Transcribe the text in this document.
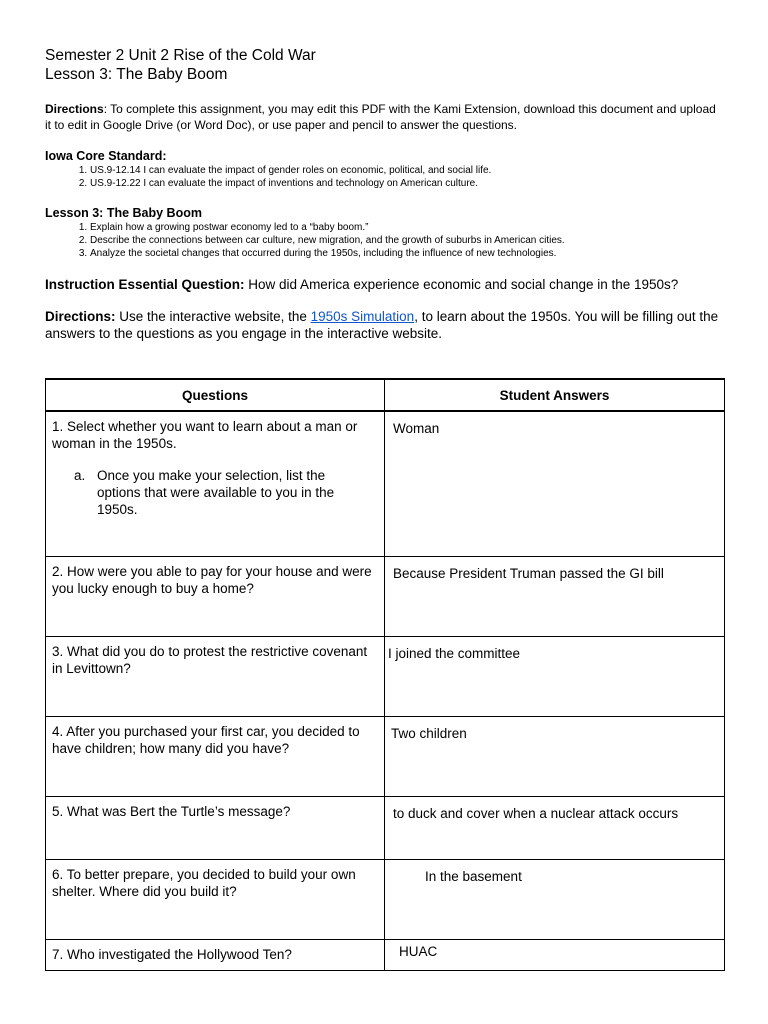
Semester 2 Unit 2 Rise of the Cold War

Lesson 3: The Baby Boom

Directions: To complete this assignment, you may edit this PDF with the Kami Extension, download this document and upload it to edit in Google Drive (or Word Doc), or use paper and pencil to answer the questions.
Iowa Core Standard:
1. US.9-12.14 I can evaluate the impact of gender roles on economic, political, and social life.
2. US.9-12.22 I can evaluate the impact of inventions and technology on American culture.
Lesson 3: The Baby Boom
1. Explain how a growing postwar economy led to a “baby boom.”
2. Describe the connections between car culture, new migration, and the growth of suburbs in American cities.
3. Analyze the societal changes that occurred during the 1950s, including the influence of new technologies.
Instruction Essential Question: How did America experience economic and social change in the 1950s?
Directions: Use the interactive website, the 1950s Simulation, to learn about the 1950s. You will be filling out the answers to the questions as you engage in the interactive website.
Questions	Student Answers

1. Select whether you want to learn about a man or woman in the 1950s.
a. Once you make your selection, list the options that were available to you in the 1950s.	Woman
2. How were you able to pay for your house and were you lucky enough to buy a home?	Because President Truman passed the GI bill
3. What did you do to protest the restrictive covenant in Levittown?	I joined the committee
4. After you purchased your first car, you decided to have children; how many did you have?	Two children
5. What was Bert the Turtle’s message?	to duck and cover when a nuclear attack occurs
6. To better prepare, you decided to build your own shelter. Where did you build it?	In the basement
7. Who investigated the Hollywood Ten?	HUAC
